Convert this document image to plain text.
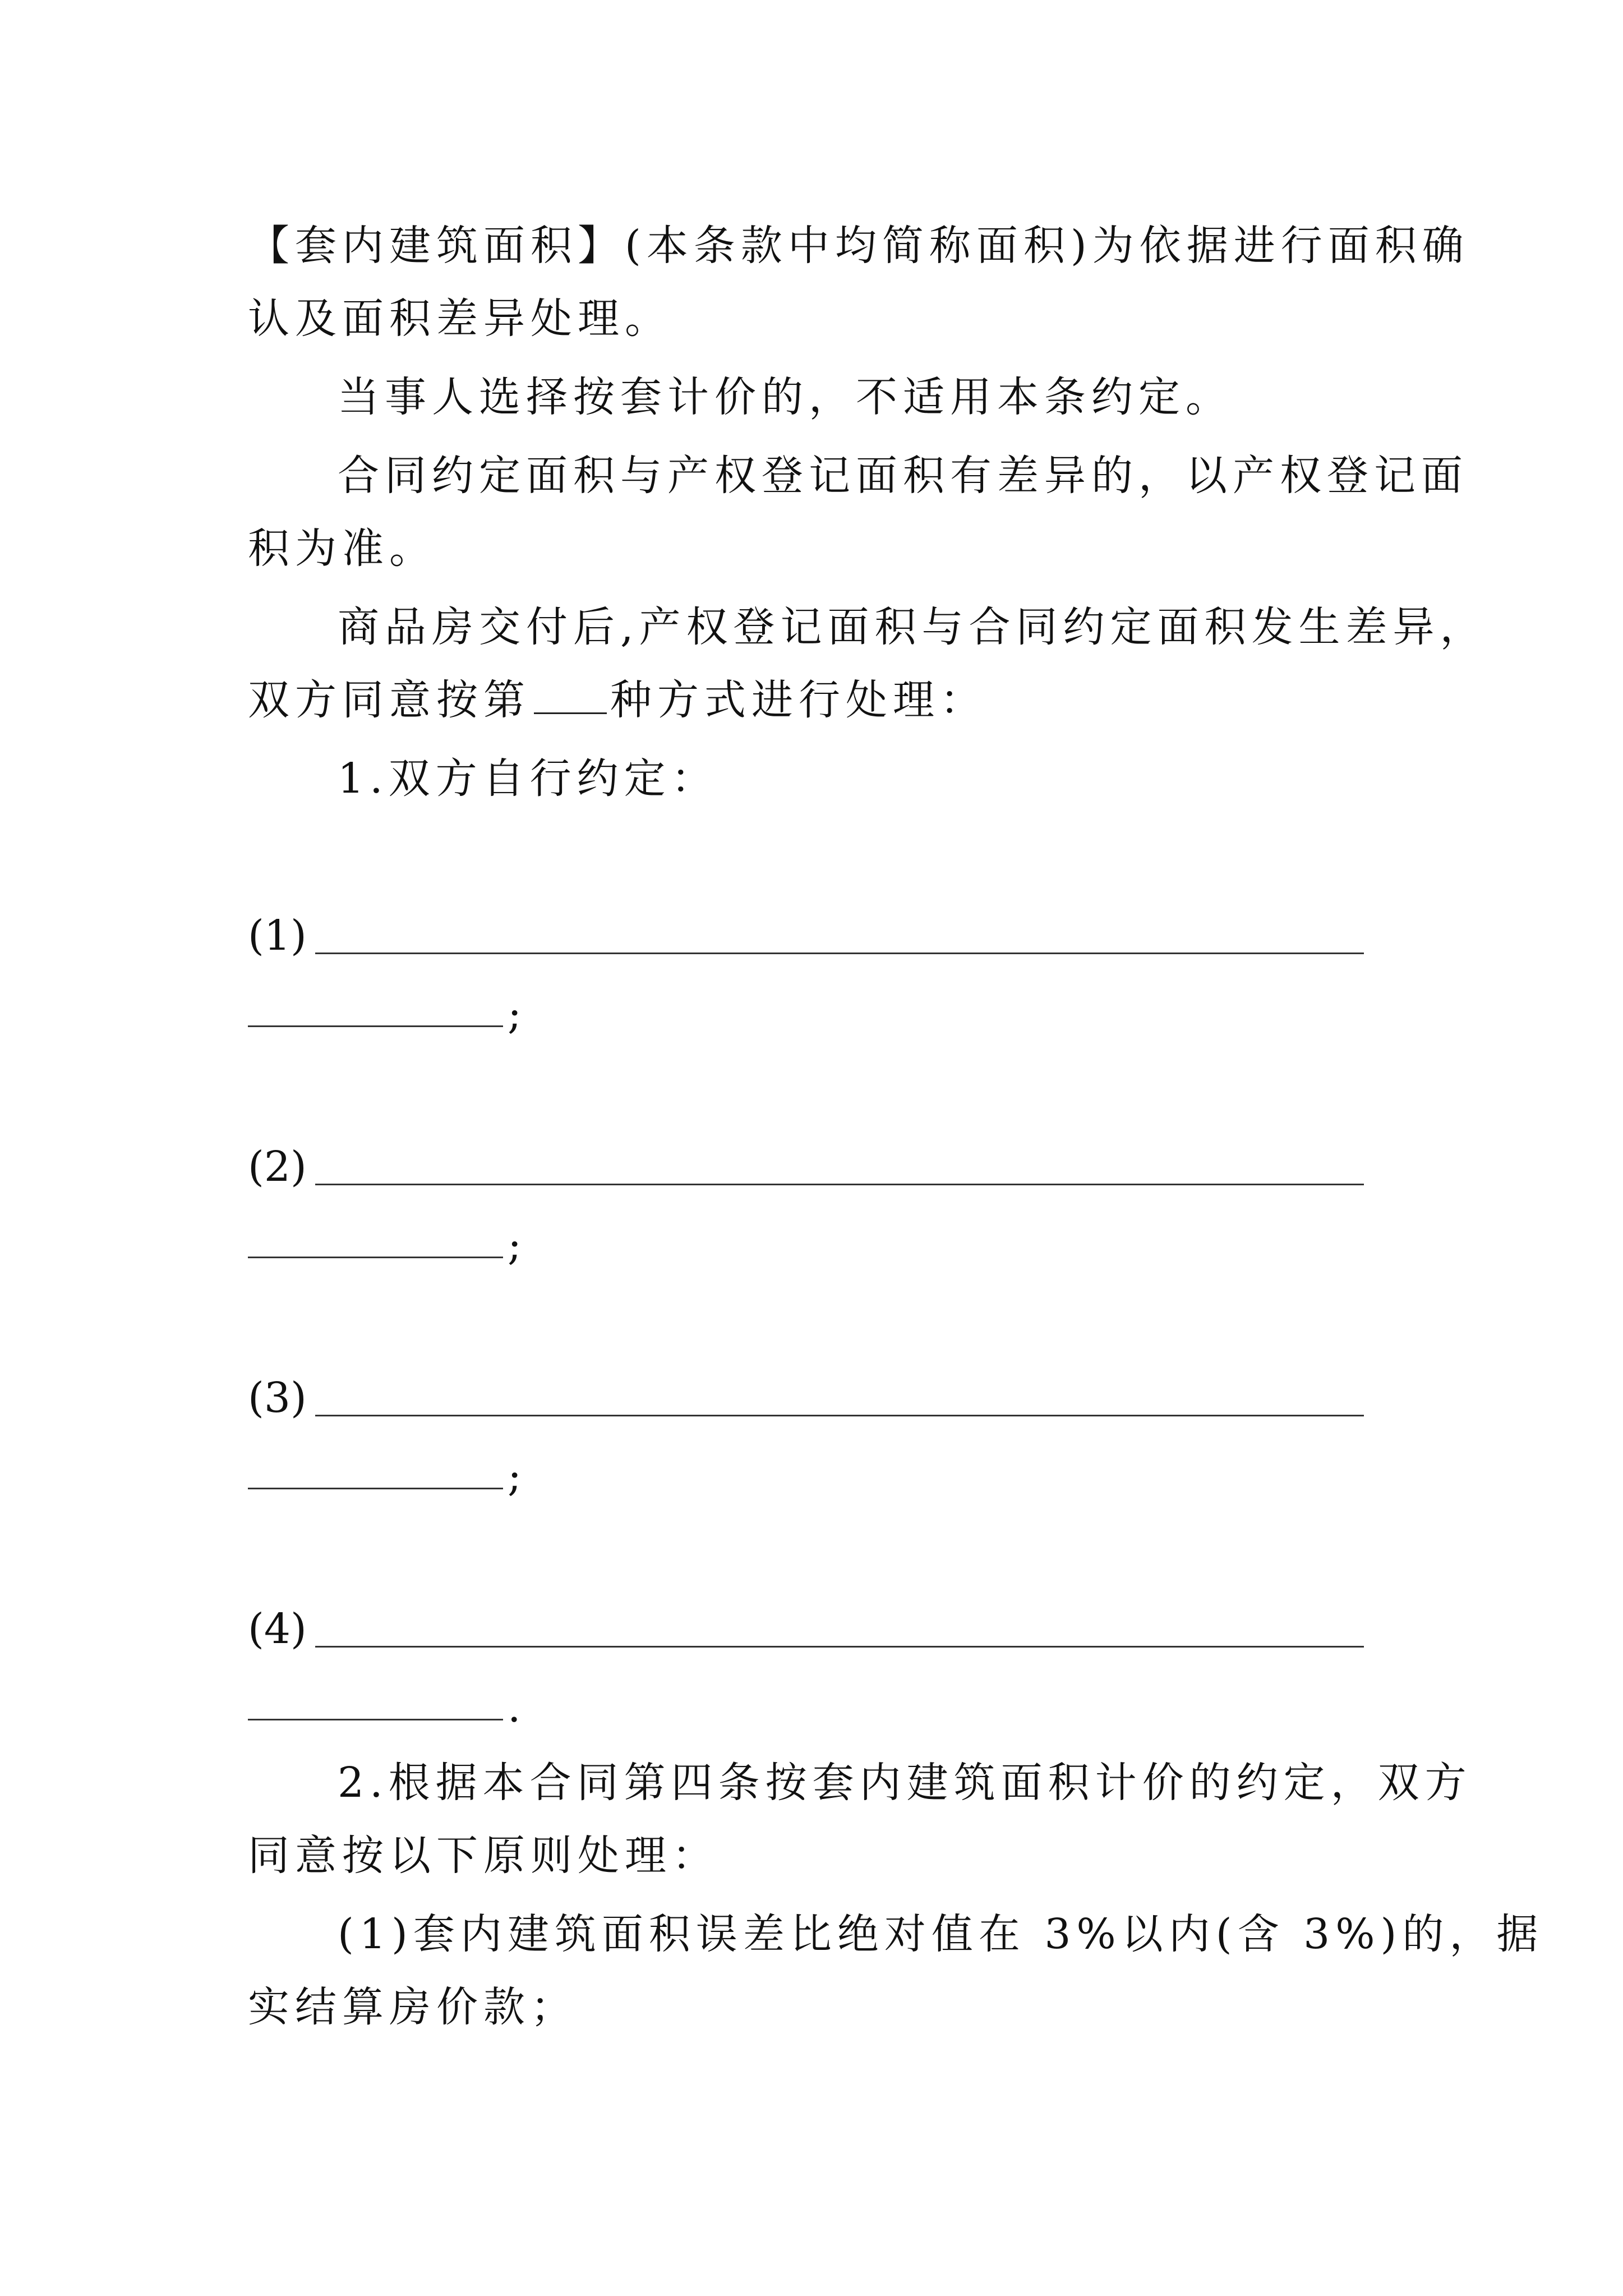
【套内建筑面积】(本条款中均简称面积)为依据进行面积确
认及面积差异处理。
当事人选择按套计价的，不适用本条约定。
合同约定面积与产权登记面积有差异的，以产权登记面
积为准。
商品房交付后,产权登记面积与合同约定面积发生差异，
双方同意按第 种方式进行处理：
1.双方自行约定：
(1)
;
(2)
;
(3)
;
(4)
.
2.根据本合同第四条按套内建筑面积计价的约定，双方
同意按以下原则处理：
(1)套内建筑面积误差比绝对值在 3%以内(含 3%)的，据
实结算房价款；
